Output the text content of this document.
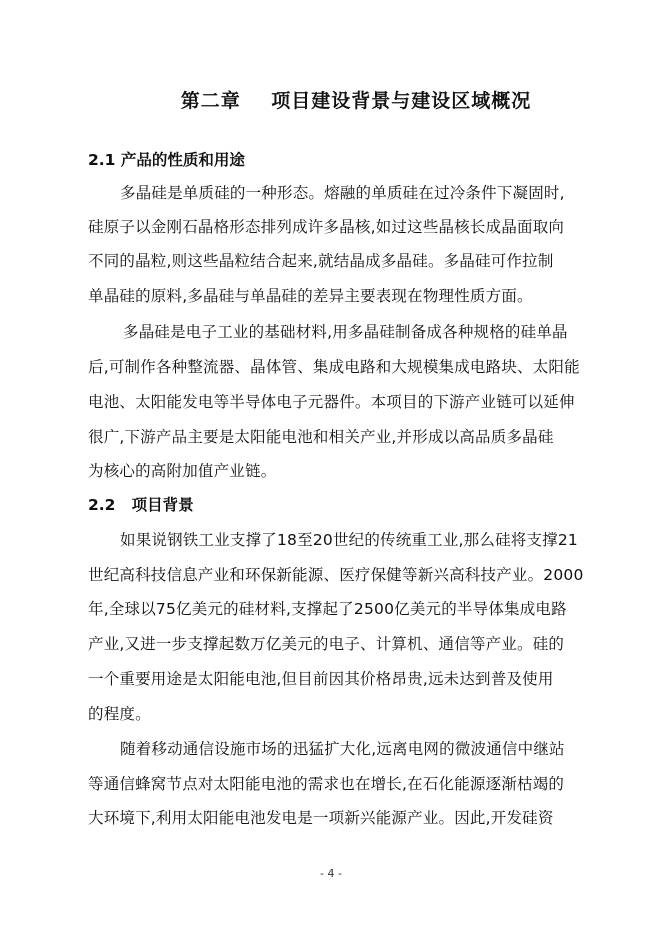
第二章    项目建设背景与建设区域概况
2.1 产品的性质和用途
多晶硅是单质硅的一种形态。熔融的单质硅在过冷条件下凝固时,
硅原子以金刚石晶格形态排列成许多晶核,如过这些晶核长成晶面取向
不同的晶粒,则这些晶粒结合起来,就结晶成多晶硅。多晶硅可作拉制
单晶硅的原料,多晶硅与单晶硅的差异主要表现在物理性质方面。
多晶硅是电子工业的基础材料,用多晶硅制备成各种规格的硅单晶
后,可制作各种整流器、晶体管、集成电路和大规模集成电路块、太阳能
电池、太阳能发电等半导体电子元器件。本项目的下游产业链可以延伸
很广,下游产品主要是太阳能电池和相关产业,并形成以高品质多晶硅
为核心的高附加值产业链。
2.2   项目背景
如果说钢铁工业支撑了18至20世纪的传统重工业,那么硅将支撑21
世纪高科技信息产业和环保新能源、医疗保健等新兴高科技产业。2000
年,全球以75亿美元的硅材料,支撑起了2500亿美元的半导体集成电路
产业,又进一步支撑起数万亿美元的电子、计算机、通信等产业。硅的
一个重要用途是太阳能电池,但目前因其价格昂贵,远未达到普及使用
的程度。
随着移动通信设施市场的迅猛扩大化,远离电网的微波通信中继站
等通信蜂窝节点对太阳能电池的需求也在增长,在石化能源逐渐枯竭的
大环境下,利用太阳能电池发电是一项新兴能源产业。因此,开发硅资
- 4 -
